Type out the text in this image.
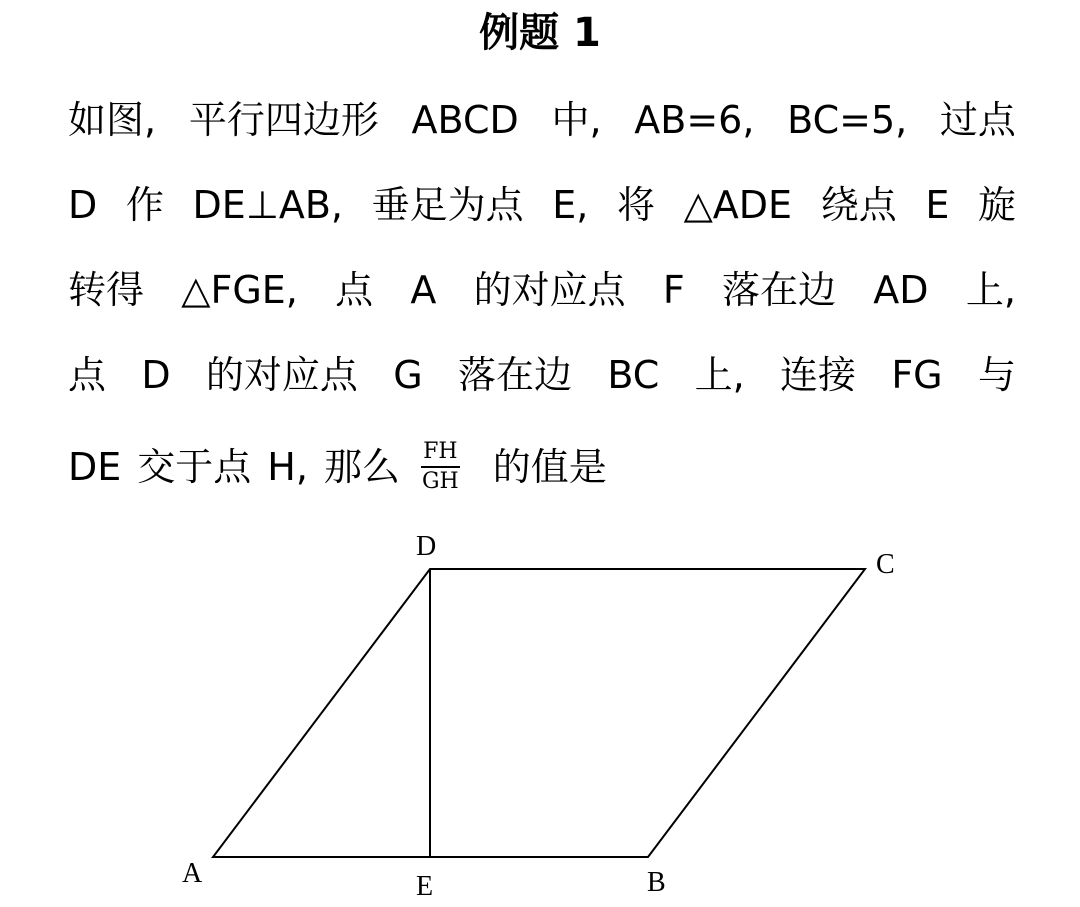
例题 1
如图, 平行四边形 ABCD 中, AB=6, BC=5, 过点
D 作 DE⊥AB, 垂足为点 E, 将 △ADE 绕点 E 旋
转得 △FGE, 点 A 的对应点 F 落在边 AD 上,
点 D 的对应点 G 落在边 BC 上, 连接 FG 与
DE 交于点 H, 那么 $\frac{FH}{GH}$ 的值是
A	B
C
D
E
